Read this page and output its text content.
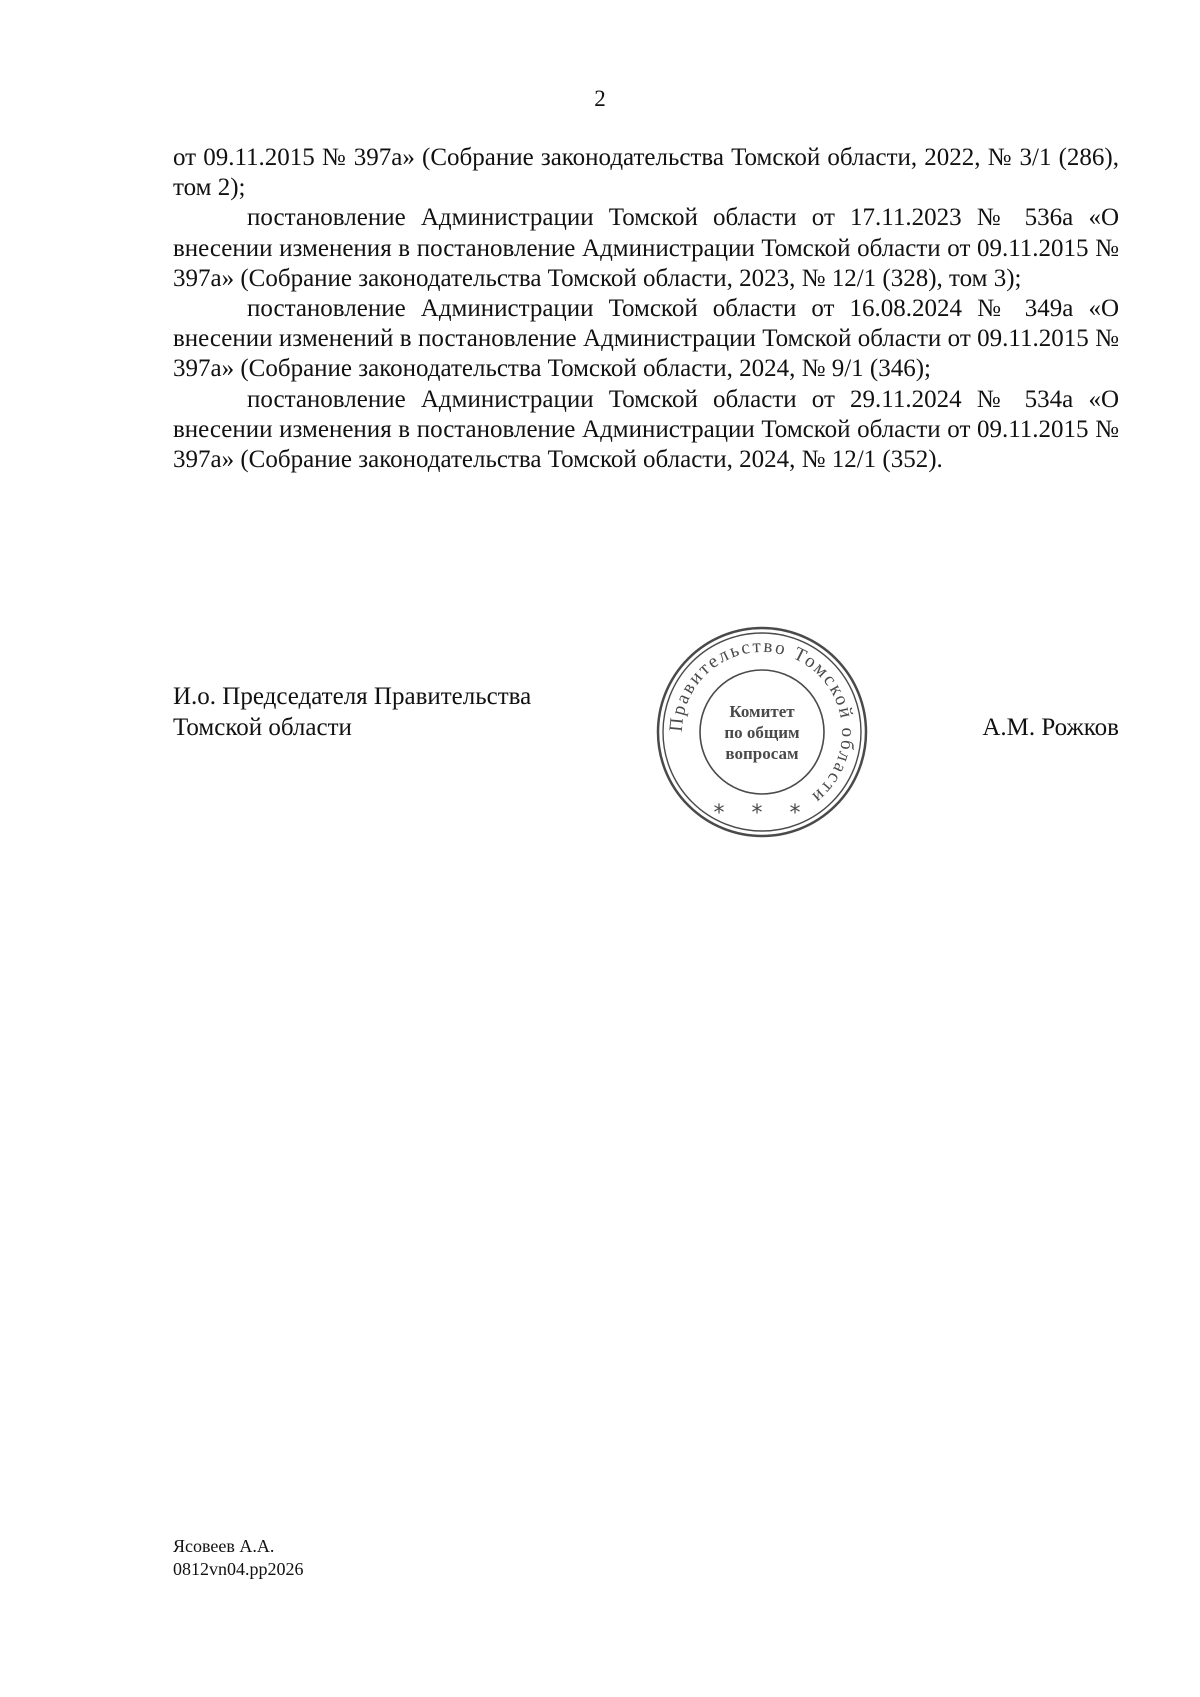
2

от 09.11.2015 № 397а» (Собрание законодательства Томской области, 2022, № 3/1 (286), том 2);

постановление Администрации Томской области от 17.11.2023 № 536а «О внесении изменения в постановление Администрации Томской области от 09.11.2015 № 397а» (Собрание законодательства Томской области, 2023, № 12/1 (328), том 3);

постановление Администрации Томской области от 16.08.2024 № 349а «О внесении изменений в постановление Администрации Томской области от 09.11.2015 № 397а» (Собрание законодательства Томской области, 2024, № 9/1 (346);

постановление Администрации Томской области от 29.11.2024 № 534а «О внесении изменения в постановление Администрации Томской области от 09.11.2015 № 397а» (Собрание законодательства Томской области, 2024, № 12/1 (352).

И.о. Председателя Правительства
Томской области	А.М. Рожков
Правительство Томской области
Комитет
по общим
вопросам
* * *
Ясовеев А.А.
0812vn04.pp2026
